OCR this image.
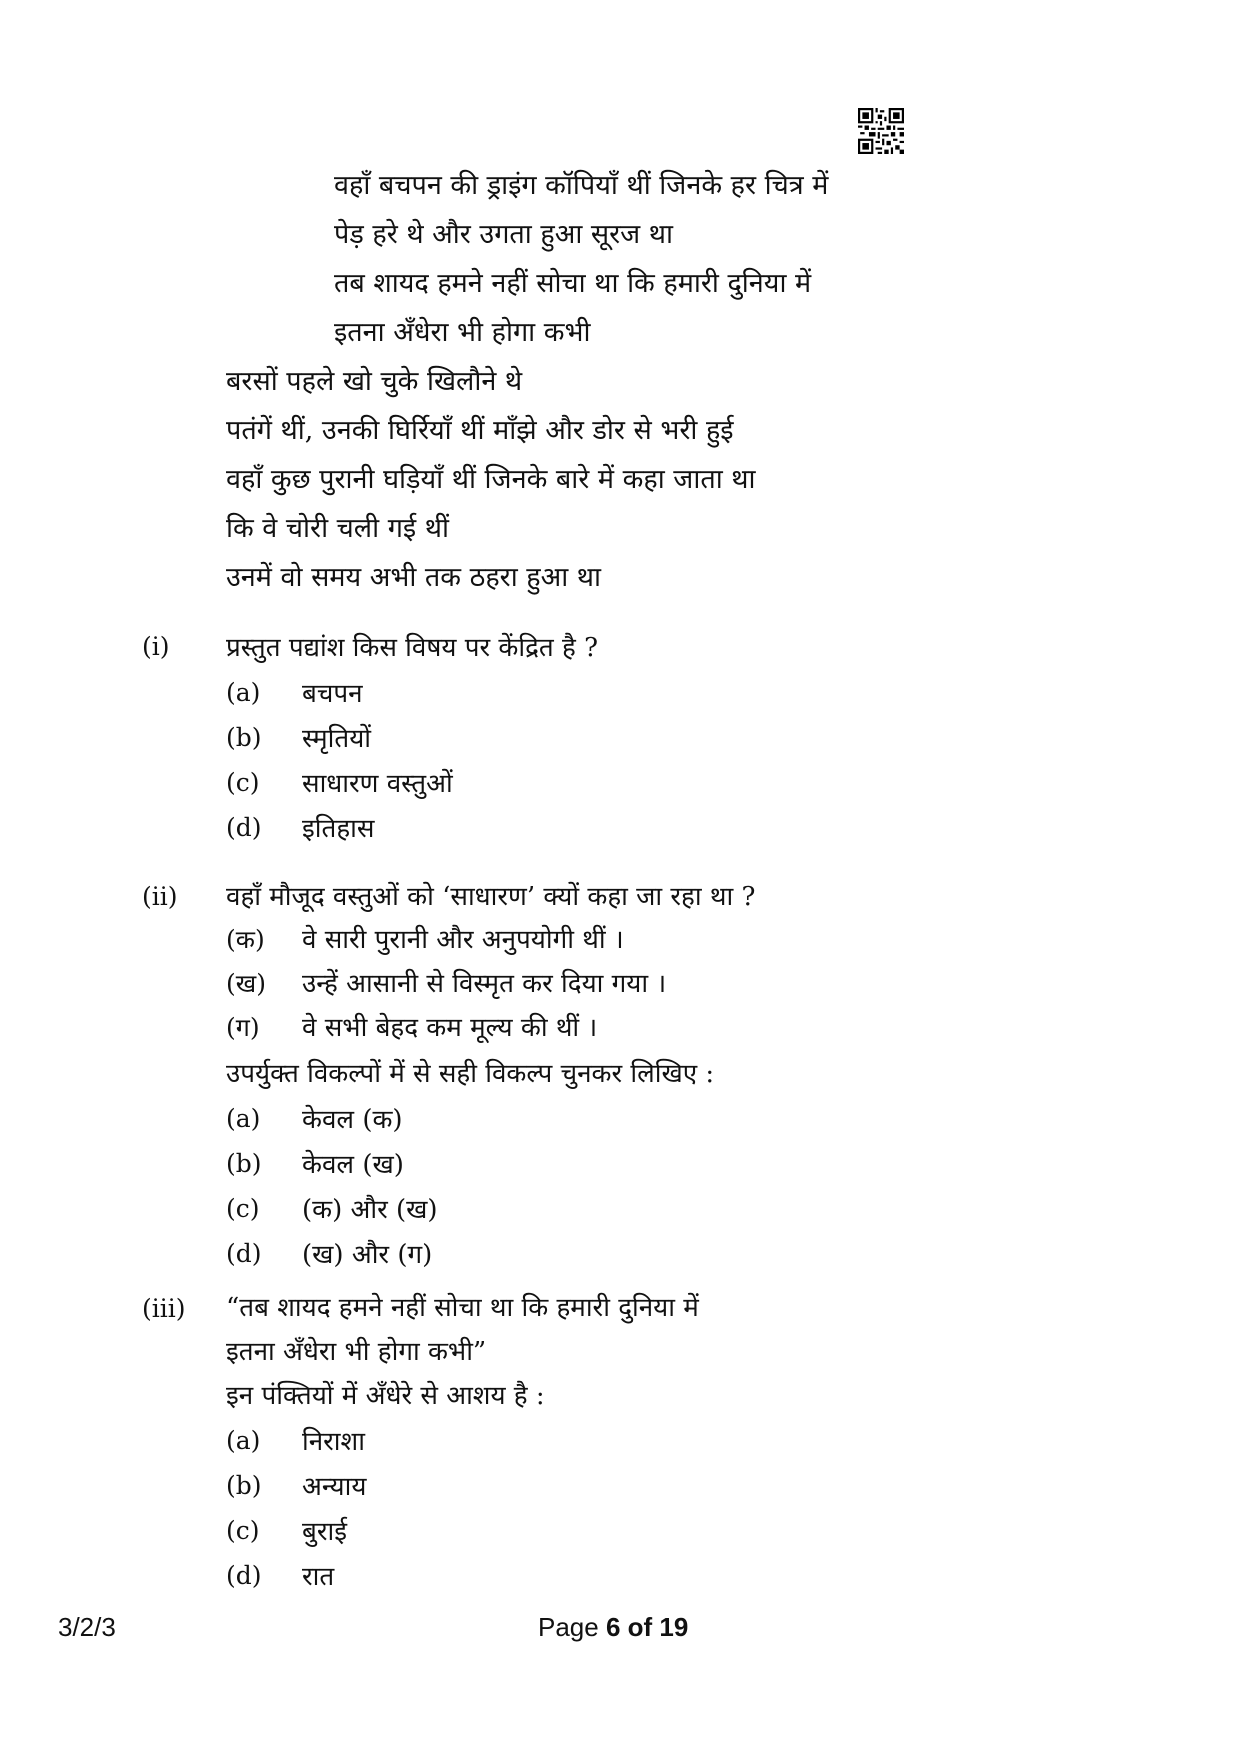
वहाँ बचपन की ड्राइंग कॉपियाँ थीं जिनके हर चित्र में
पेड़ हरे थे और उगता हुआ सूरज था
तब शायद हमने नहीं सोचा था कि हमारी दुनिया में
इतना अँधेरा भी होगा कभी
बरसों पहले खो चुके खिलौने थे
पतंगें थीं, उनकी घिर्रियाँ थीं माँझे और डोर से भरी हुई
वहाँ कुछ पुरानी घड़ियाँ थीं जिनके बारे में कहा जाता था
कि वे चोरी चली गई थीं
उनमें वो समय अभी तक ठहरा हुआ था
(i) प्रस्तुत पद्यांश किस विषय पर केंद्रित है ?
(a) बचपन
(b) स्मृतियों
(c) साधारण वस्तुओं
(d) इतिहास
(ii) वहाँ मौजूद वस्तुओं को ‘साधारण’ क्यों कहा जा रहा था ?
(क) वे सारी पुरानी और अनुपयोगी थीं ।
(ख) उन्हें आसानी से विस्मृत कर दिया गया ।
(ग) वे सभी बेहद कम मूल्य की थीं ।
उपर्युक्त विकल्पों में से सही विकल्प चुनकर लिखिए :
(a) केवल (क)
(b) केवल (ख)
(c) (क) और (ख)
(d) (ख) और (ग)
(iii) “तब शायद हमने नहीं सोचा था कि हमारी दुनिया में
इतना अँधेरा भी होगा कभी”
इन पंक्तियों में अँधेरे से आशय है :
(a) निराशा
(b) अन्याय
(c) बुराई
(d) रात
3/2/3	Page 6 of 19
